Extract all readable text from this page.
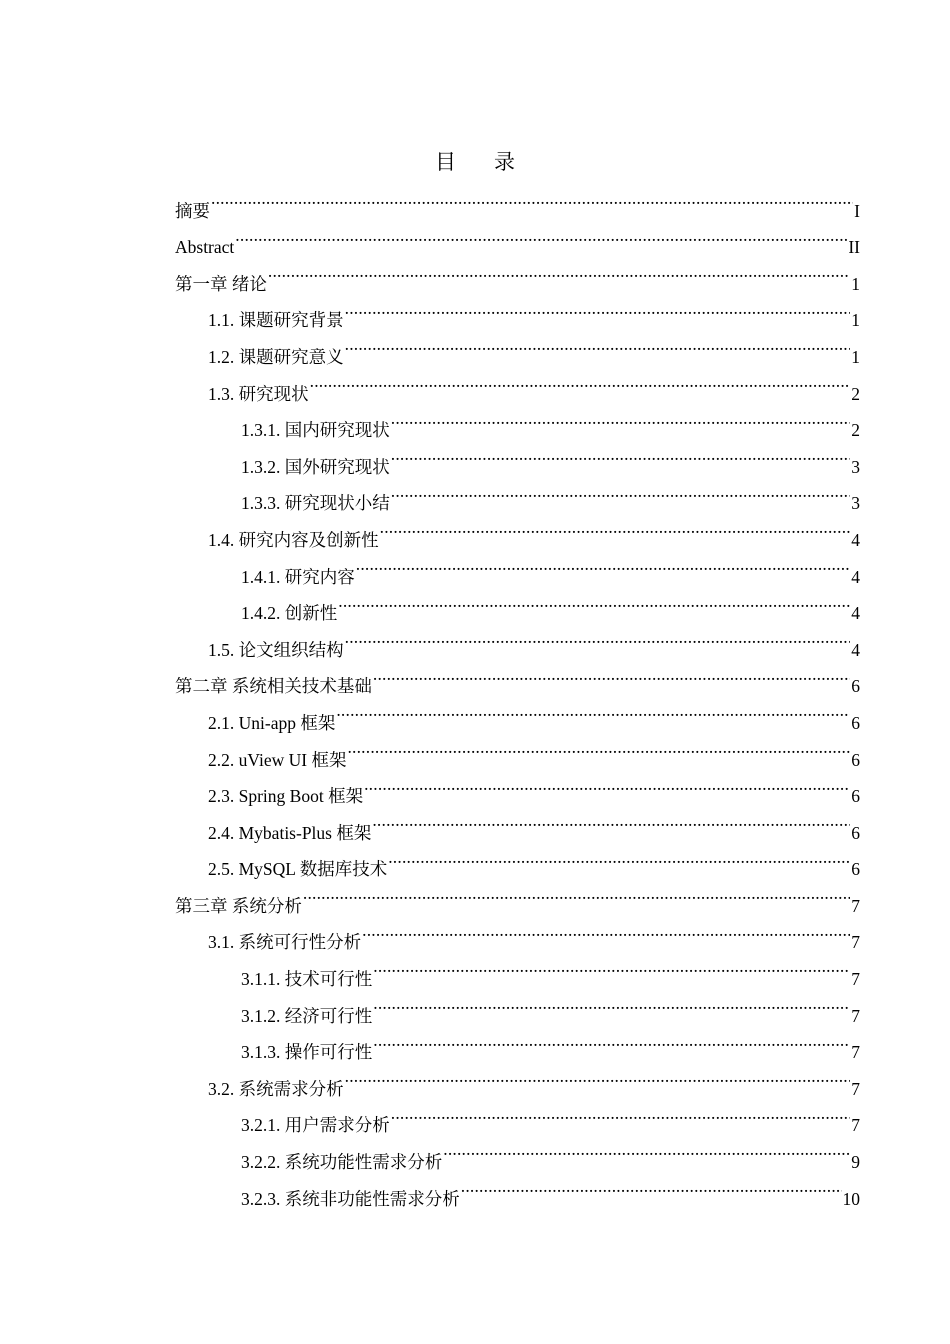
目 录
摘要 .....	I
Abstract .....	II
第一章 绪论 .....	1
1.1. 课题研究背景 .....	1
1.2. 课题研究意义 .....	1
1.3. 研究现状 .....	2
1.3.1. 国内研究现状 .....	2
1.3.2. 国外研究现状 .....	3
1.3.3. 研究现状小结 .....	3
1.4. 研究内容及创新性 .....	4
1.4.1. 研究内容 .....	4
1.4.2. 创新性 .....	4
1.5. 论文组织结构 .....	4
第二章 系统相关技术基础 .....	6
2.1. Uni-app 框架 .....	6
2.2. uView UI 框架 .....	6
2.3. Spring Boot 框架 .....	6
2.4. Mybatis-Plus 框架 .....	6
2.5. MySQL 数据库技术 .....	6
第三章 系统分析 .....	7
3.1. 系统可行性分析 .....	7
3.1.1. 技术可行性 .....	7
3.1.2. 经济可行性 .....	7
3.1.3. 操作可行性 .....	7
3.2. 系统需求分析 .....	7
3.2.1. 用户需求分析 .....	7
3.2.2. 系统功能性需求分析 .....	9
3.2.3. 系统非功能性需求分析 .....	10
